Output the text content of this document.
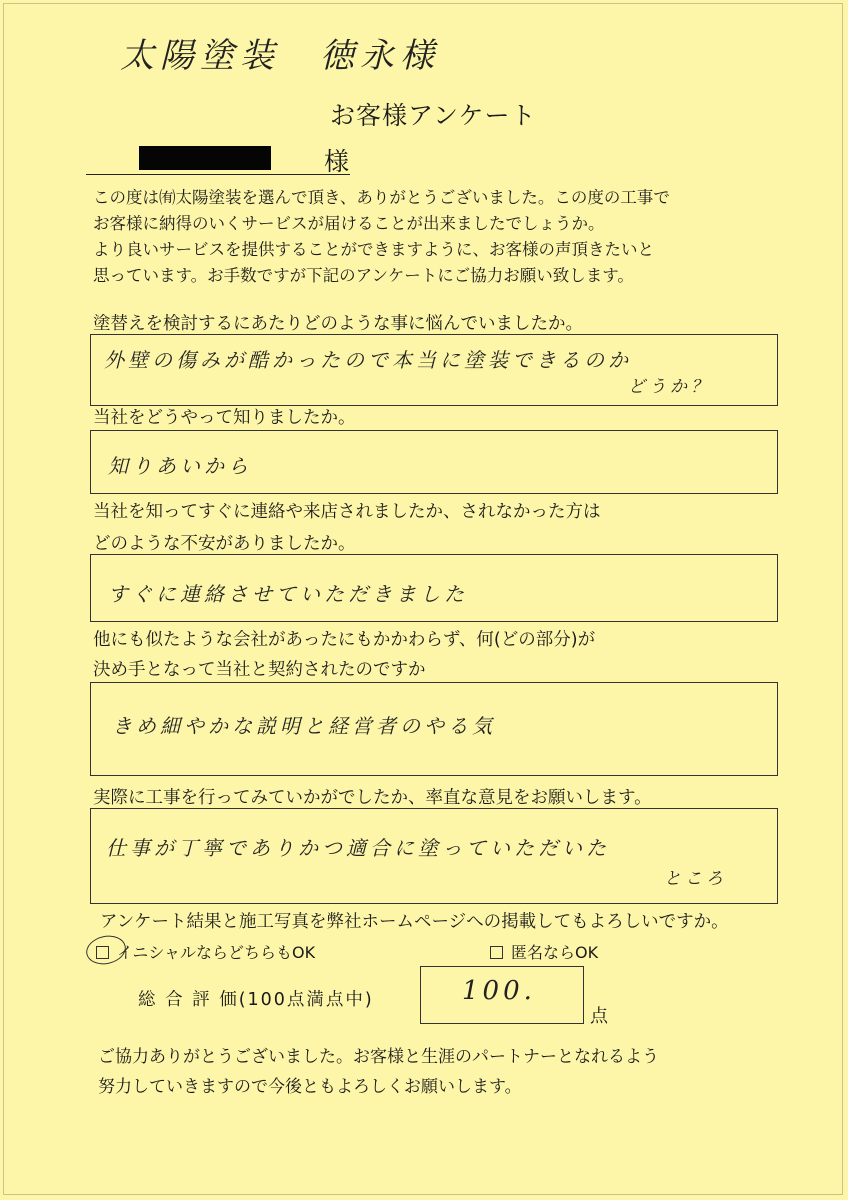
太陽塗装　徳永様
お客様アンケート
様
この度は㈲太陽塗装を選んで頂き、ありがとうございました。この度の工事で
お客様に納得のいくサービスが届けることが出来ましたでしょうか。
より良いサービスを提供することができますように、お客様の声頂きたいと
思っています。お手数ですが下記のアンケートにご協力お願い致します。
塗替えを検討するにあたりどのような事に悩んでいましたか。
外壁の傷みが酷かったので本当に塗装できるのか
どうか？
当社をどうやって知りましたか。
知りあいから
当社を知ってすぐに連絡や来店されましたか、されなかった方は
どのような不安がありましたか。
すぐに連絡させていただきました
他にも似たような会社があったにもかかわらず、何(どの部分)が
決め手となって当社と契約されたのですか
きめ細やかな説明と経営者のやる気
実際に工事を行ってみていかがでしたか、率直な意見をお願いします。
仕事が丁寧でありかつ適合に塗っていただいた
ところ
アンケート結果と施工写真を弊社ホームページへの掲載してもよろしいですか。
イニシャルならどちらもOK	匿名ならOK
総 合 評 価(100点満点中)	100.
点
ご協力ありがとうございました。お客様と生涯のパートナーとなれるよう
努力していきますので今後ともよろしくお願いします。
